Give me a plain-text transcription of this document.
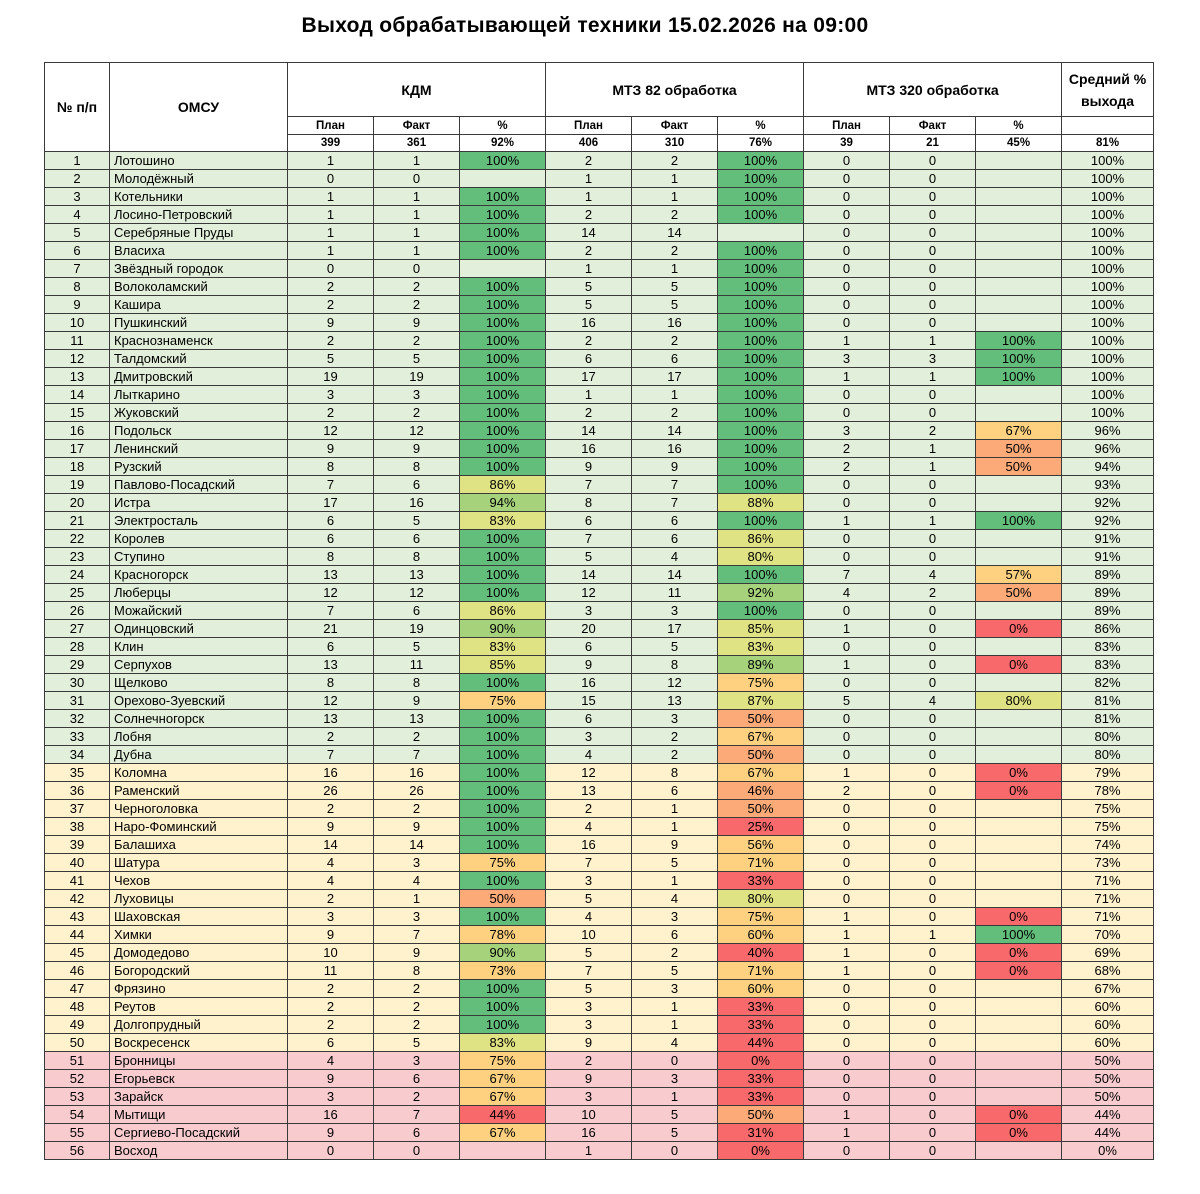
Выход обрабатывающей техники 15.02.2026 на 09:00
№ п/п	ОМСУ	КДМ			МТЗ 82 обработка			МТЗ 320 обработка			Средний % выхода
		План	Факт	%	План	Факт	%	План	Факт	%	
		399	361	92%	406	310	76%	39	21	45%	81%
1	Лотошино	1	1	100%	2	2	100%	0	0		100%
2	Молодёжный	0	0		1	1	100%	0	0		100%
3	Котельники	1	1	100%	1	1	100%	0	0		100%
4	Лосино-Петровский	1	1	100%	2	2	100%	0	0		100%
5	Серебряные Пруды	1	1	100%	14	14		0	0		100%
6	Власиха	1	1	100%	2	2	100%	0	0		100%
7	Звёздный городок	0	0		1	1	100%	0	0		100%
8	Волоколамский	2	2	100%	5	5	100%	0	0		100%
9	Кашира	2	2	100%	5	5	100%	0	0		100%
10	Пушкинский	9	9	100%	16	16	100%	0	0		100%
11	Краснознаменск	2	2	100%	2	2	100%	1	1	100%	100%
12	Талдомский	5	5	100%	6	6	100%	3	3	100%	100%
13	Дмитровский	19	19	100%	17	17	100%	1	1	100%	100%
14	Лыткарино	3	3	100%	1	1	100%	0	0		100%
15	Жуковский	2	2	100%	2	2	100%	0	0		100%
16	Подольск	12	12	100%	14	14	100%	3	2	67%	96%
17	Ленинский	9	9	100%	16	16	100%	2	1	50%	96%
18	Рузский	8	8	100%	9	9	100%	2	1	50%	94%
19	Павлово-Посадский	7	6	86%	7	7	100%	0	0		93%
20	Истра	17	16	94%	8	7	88%	0	0		92%
21	Электросталь	6	5	83%	6	6	100%	1	1	100%	92%
22	Королев	6	6	100%	7	6	86%	0	0		91%
23	Ступино	8	8	100%	5	4	80%	0	0		91%
24	Красногорск	13	13	100%	14	14	100%	7	4	57%	89%
25	Люберцы	12	12	100%	12	11	92%	4	2	50%	89%
26	Можайский	7	6	86%	3	3	100%	0	0		89%
27	Одинцовский	21	19	90%	20	17	85%	1	0	0%	86%
28	Клин	6	5	83%	6	5	83%	0	0		83%
29	Серпухов	13	11	85%	9	8	89%	1	0	0%	83%
30	Щелково	8	8	100%	16	12	75%	0	0		82%
31	Орехово-Зуевский	12	9	75%	15	13	87%	5	4	80%	81%
32	Солнечногорск	13	13	100%	6	3	50%	0	0		81%
33	Лобня	2	2	100%	3	2	67%	0	0		80%
34	Дубна	7	7	100%	4	2	50%	0	0		80%
35	Коломна	16	16	100%	12	8	67%	1	0	0%	79%
36	Раменский	26	26	100%	13	6	46%	2	0	0%	78%
37	Черноголовка	2	2	100%	2	1	50%	0	0		75%
38	Наро-Фоминский	9	9	100%	4	1	25%	0	0		75%
39	Балашиха	14	14	100%	16	9	56%	0	0		74%
40	Шатура	4	3	75%	7	5	71%	0	0		73%
41	Чехов	4	4	100%	3	1	33%	0	0		71%
42	Луховицы	2	1	50%	5	4	80%	0	0		71%
43	Шаховская	3	3	100%	4	3	75%	1	0	0%	71%
44	Химки	9	7	78%	10	6	60%	1	1	100%	70%
45	Домодедово	10	9	90%	5	2	40%	1	0	0%	69%
46	Богородский	11	8	73%	7	5	71%	1	0	0%	68%
47	Фрязино	2	2	100%	5	3	60%	0	0		67%
48	Реутов	2	2	100%	3	1	33%	0	0		60%
49	Долгопрудный	2	2	100%	3	1	33%	0	0		60%
50	Воскресенск	6	5	83%	9	4	44%	0	0		60%
51	Бронницы	4	3	75%	2	0	0%	0	0		50%
52	Егорьевск	9	6	67%	9	3	33%	0	0		50%
53	Зарайск	3	2	67%	3	1	33%	0	0		50%
54	Мытищи	16	7	44%	10	5	50%	1	0	0%	44%
55	Сергиево-Посадский	9	6	67%	16	5	31%	1	0	0%	44%
56	Восход	0	0		1	0	0%	0	0		0%
